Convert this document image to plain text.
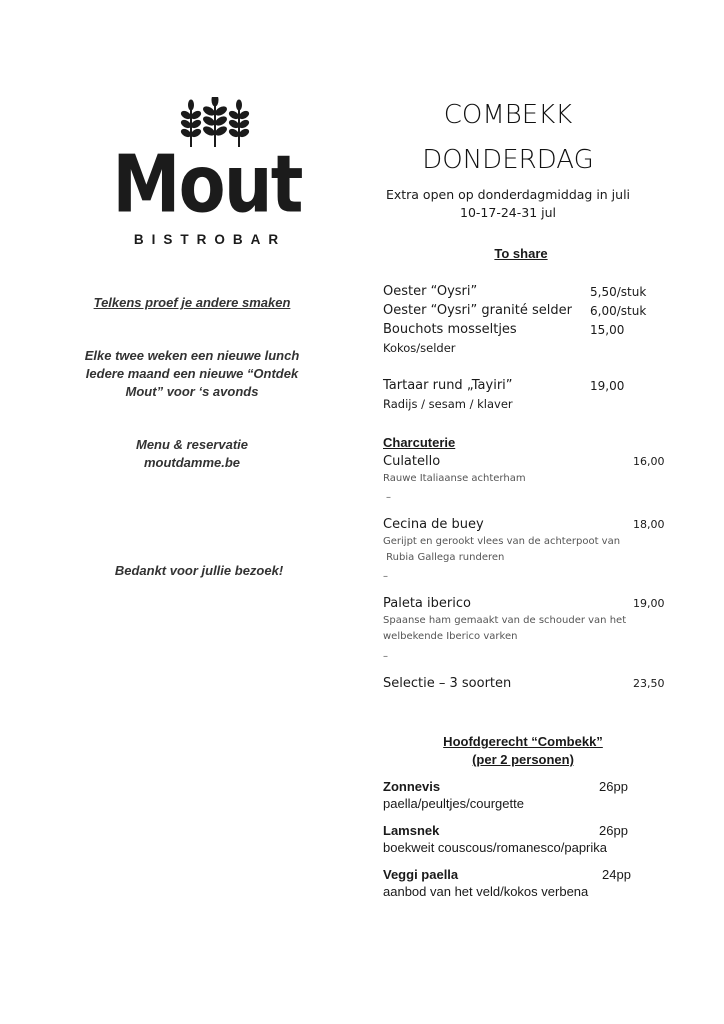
Mout
BISTROBAR
Telkens proef je andere smaken
Elke twee weken een nieuwe lunch
Iedere maand een nieuwe “Ontdek
Mout” voor ‘s avonds
Menu & reservatie
moutdamme.be
Bedankt voor jullie bezoek!
COMBEKK
DONDERDAG
Extra open op donderdagmiddag in juli
10-17-24-31 jul
To share
Oester “Oysri”	5,50/stuk
Oester “Oysri” granité selder 6,00/stuk
Bouchots mosseltjes	15,00
Kokos/selder
Tartaar rund „Tayiri”	19,00
Radijs / sesam / klaver
Charcuterie
Culatello	16,00
Rauwe Italiaanse achterham
–
Cecina de buey	18,00
Gerijpt en gerookt vlees van de achterpoot van
Rubia Gallega runderen
–
Paleta iberico	19,00
Spaanse ham gemaakt van de schouder van het
welbekende Iberico varken
–
Selectie – 3 soorten	23,50
Hoofdgerecht “Combekk”
(per 2 personen)
Zonnevis	26pp
paella/peultjes/courgette
Lamsnek	26pp
boekweit couscous/romanesco/paprika
Veggi paella	24pp
aanbod van het veld/kokos verbena
